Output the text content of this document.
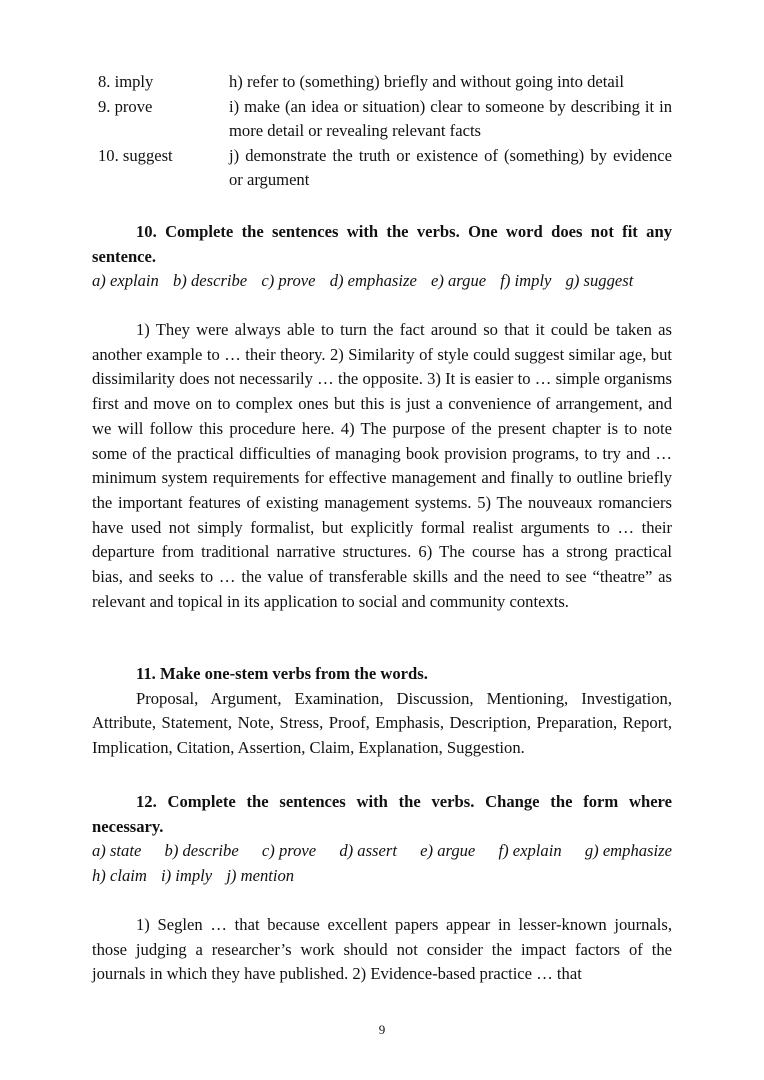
8. imply	h) refer to (something) briefly and without going into detail
9. prove	i) make (an idea or situation) clear to someone by describing it in more detail or revealing relevant facts
10. suggest	j) demonstrate the truth or existence of (something) by evidence or argument

10. Complete the sentences with the verbs. One word does not fit any sentence.

a) explain b) describe c) prove d) emphasize e) argue f) imply g) suggest

1) They were always able to turn the fact around so that it could be taken as another example to … their theory. 2) Similarity of style could suggest similar age, but dissimilarity does not necessarily … the opposite. 3) It is easier to … simple organisms first and move on to complex ones but this is just a convenience of arrangement, and we will follow this procedure here. 4) The purpose of the present chapter is to note some of the practical difficulties of managing book provision programs, to try and … minimum system requirements for effective management and finally to outline briefly the important features of existing management systems. 5) The nouveaux romanciers have used not simply formalist, but explicitly formal realist arguments to … their departure from traditional narrative structures. 6) The course has a strong practical bias, and seeks to … the value of transferable skills and the need to see “theatre” as relevant and topical in its application to social and community contexts.

11. Make one-stem verbs from the words.

Proposal, Argument, Examination, Discussion, Mentioning, Investigation, Attribute, Statement, Note, Stress, Proof, Emphasis, Description, Preparation, Report, Implication, Citation, Assertion, Claim, Explanation, Suggestion.

12. Complete the sentences with the verbs. Change the form where necessary.

a) state b) describe c) prove d) assert e) argue f) explain g) emphasize

h) claim i) imply j) mention

1) Seglen … that because excellent papers appear in lesser-known journals, those judging a researcher’s work should not consider the impact factors of the journals in which they have published. 2) Evidence-based practice … that

9
